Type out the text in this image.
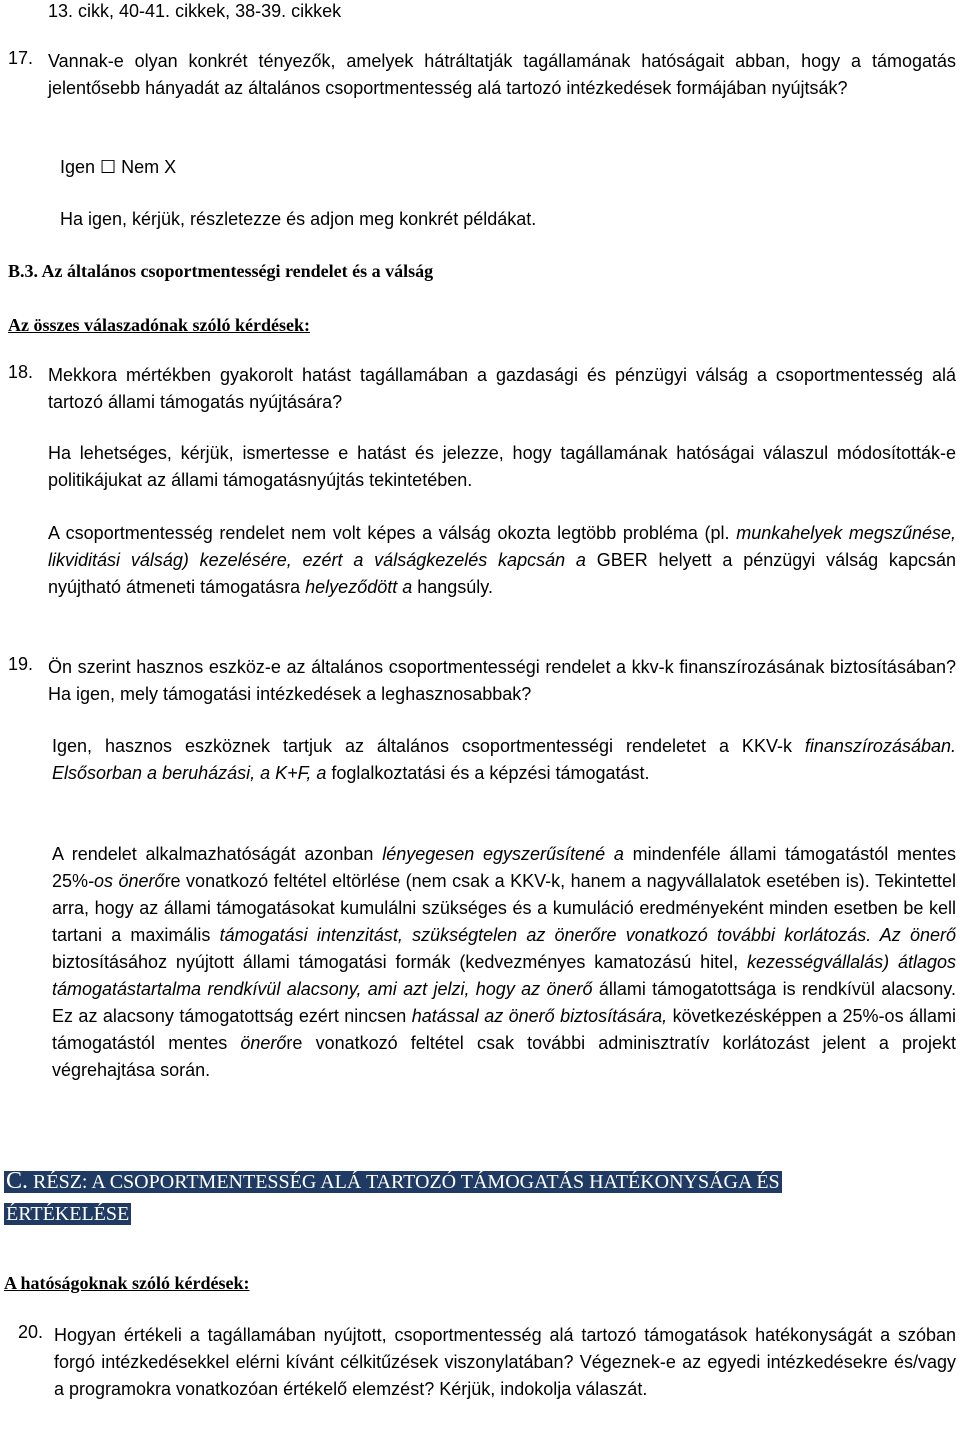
13. cikk, 40-41. cikkek, 38-39. cikkek

17. Vannak-e olyan konkrét tényezők, amelyek hátráltatják tagállamának hatóságait abban, hogy a támogatás jelentősebb hányadát az általános csoportmentesség alá tartozó intézkedések formájában nyújtsák?

Igen ☐ Nem X

Ha igen, kérjük, részletezze és adjon meg konkrét példákat.

B.3. Az általános csoportmentességi rendelet és a válság

Az összes válaszadónak szóló kérdések:

18. Mekkora mértékben gyakorolt hatást tagállamában a gazdasági és pénzügyi válság a csoportmentesség alá tartozó állami támogatás nyújtására?

Ha lehetséges, kérjük, ismertesse e hatást és jelezze, hogy tagállamának hatóságai válaszul módosították-e politikájukat az állami támogatásnyújtás tekintetében.

A csoportmentesség rendelet nem volt képes a válság okozta legtöbb probléma (pl. munkahelyek megszűnése, likviditási válság) kezelésére, ezért a válságkezelés kapcsán a GBER helyett a pénzügyi válság kapcsán nyújtható átmeneti támogatásra helyeződött a hangsúly.

19. Ön szerint hasznos eszköz-e az általános csoportmentességi rendelet a kkv-k finanszírozásának biztosításában? Ha igen, mely támogatási intézkedések a leghasznosabbak?

Igen, hasznos eszköznek tartjuk az általános csoportmentességi rendeletet a KKV-k finanszírozásában. Elsősorban a beruházási, a K+F, a foglalkoztatási és a képzési támogatást.

A rendelet alkalmazhatóságát azonban lényegesen egyszerűsítené a mindenféle állami támogatástól mentes 25%-os önerőre vonatkozó feltétel eltörlése (nem csak a KKV-k, hanem a nagyvállalatok esetében is). Tekintettel arra, hogy az állami támogatásokat kumulálni szükséges és a kumuláció eredményeként minden esetben be kell tartani a maximális támogatási intenzitást, szükségtelen az önerőre vonatkozó további korlátozás. Az önerő biztosításához nyújtott állami támogatási formák (kedvezményes kamatozású hitel, kezességvállalás) átlagos támogatástartalma rendkívül alacsony, ami azt jelzi, hogy az önerő állami támogatottsága is rendkívül alacsony. Ez az alacsony támogatottság ezért nincsen hatással az önerő biztosítására, következésképpen a 25%-os állami támogatástól mentes önerőre vonatkozó feltétel csak további adminisztratív korlátozást jelent a projekt végrehajtása során.

C. RÉSZ: A CSOPORTMENTESSÉG ALÁ TARTOZÓ TÁMOGATÁS HATÉKONYSÁGA ÉS
ÉRTÉKELÉSE

A hatóságoknak szóló kérdések:

20. Hogyan értékeli a tagállamában nyújtott, csoportmentesség alá tartozó támogatások hatékonyságát a szóban forgó intézkedésekkel elérni kívánt célkitűzések viszonylatában? Végeznek-e az egyedi intézkedésekre és/vagy a programokra vonatkozóan értékelő elemzést? Kérjük, indokolja válaszát.
